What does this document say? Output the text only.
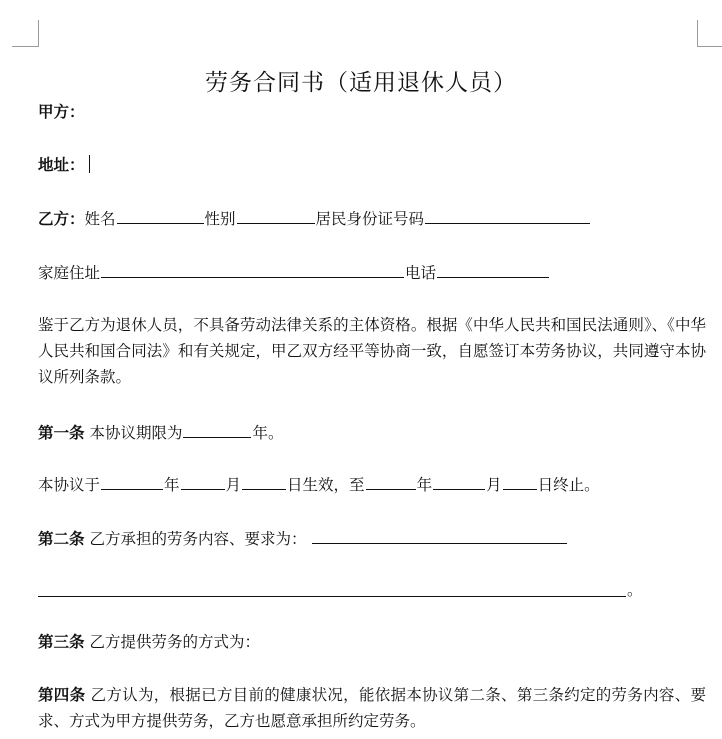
劳务合同书（适用退休人员）
甲方：
地址：
乙方：姓名	性别	居民身份证号码
家庭住址	电话
鉴于乙方为退休人员，不具备劳动法律关系的主体资格。根据《中华人民共和国民法通则》、《中华人民共和国合同法》和有关规定，甲乙双方经平等协商一致，自愿签订本劳务协议，共同遵守本协议所列条款。
第一条 本协议期限为	年。
本协议于	年	月	日生效，至	年	月 日终止。
第二条 乙方承担的劳务内容、要求为：
。
第三条 乙方提供劳务的方式为：
第四条 乙方认为，根据已方目前的健康状况，能依据本协议第二条、第三条约定的劳务内容、要求、方式为甲方提供劳务，乙方也愿意承担所约定劳务。
